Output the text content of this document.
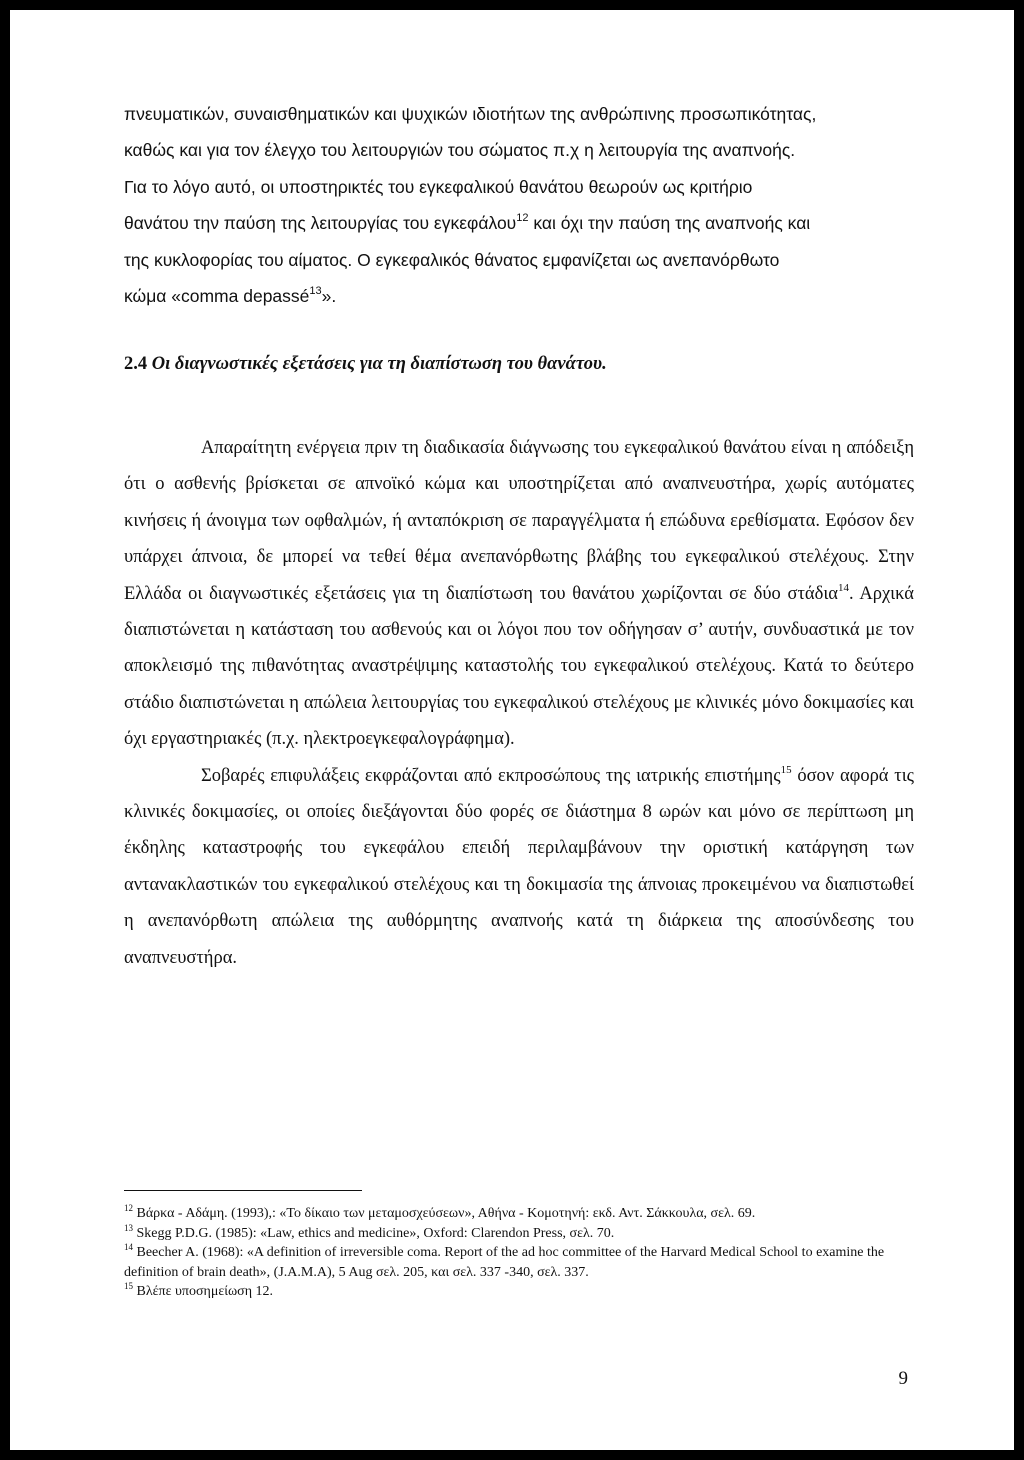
πνευματικών, συναισθηματικών και ψυχικών ιδιοτήτων της ανθρώπινης προσωπικότητας,

καθώς και για τον έλεγχο του λειτουργιών του σώματος π.χ η λειτουργία της αναπνοής.

Για το λόγο αυτό, οι υποστηρικτές του εγκεφαλικού θανάτου θεωρούν ως κριτήριο

θανάτου την παύση της λειτουργίας του εγκεφάλου$^{12}$ και όχι την παύση της αναπνοής και

της κυκλοφορίας του αίματος. Ο εγκεφαλικός θάνατος εμφανίζεται ως ανεπανόρθωτο

κώμα «comma depassé$^{13}$».

2.4 Οι διαγνωστικές εξετάσεις για τη διαπίστωση του θανάτου.

Απαραίτητη ενέργεια πριν τη διαδικασία διάγνωσης του εγκεφαλικού θανάτου είναι η απόδειξη ότι ο ασθενής βρίσκεται σε απνοϊκό κώμα και υποστηρίζεται από αναπνευστήρα, χωρίς αυτόματες κινήσεις ή άνοιγμα των οφθαλμών, ή ανταπόκριση σε παραγγέλματα ή επώδυνα ερεθίσματα. Εφόσον δεν υπάρχει άπνοια, δε μπορεί να τεθεί θέμα ανεπανόρθωτης βλάβης του εγκεφαλικού στελέχους. Στην Ελλάδα οι διαγνωστικές εξετάσεις για τη διαπίστωση του θανάτου χωρίζονται σε δύο στάδια$^{14}$. Αρχικά διαπιστώνεται η κατάσταση του ασθενούς και οι λόγοι που τον οδήγησαν σ’ αυτήν, συνδυαστικά με τον αποκλεισμό της πιθανότητας αναστρέψιμης καταστολής του εγκεφαλικού στελέχους. Κατά το δεύτερο στάδιο διαπιστώνεται η απώλεια λειτουργίας του εγκεφαλικού στελέχους με κλινικές μόνο δοκιμασίες και όχι εργαστηριακές (π.χ. ηλεκτροεγκεφαλογράφημα).

Σοβαρές επιφυλάξεις εκφράζονται από εκπροσώπους της ιατρικής επιστήμης$^{15}$ όσον αφορά τις κλινικές δοκιμασίες, οι οποίες διεξάγονται δύο φορές σε διάστημα 8 ωρών και μόνο σε περίπτωση μη έκδηλης καταστροφής του εγκεφάλου επειδή περιλαμβάνουν την οριστική κατάργηση των αντανακλαστικών του εγκεφαλικού στελέχους και τη δοκιμασία της άπνοιας προκειμένου να διαπιστωθεί η ανεπανόρθωτη απώλεια της αυθόρμητης αναπνοής κατά τη διάρκεια της αποσύνδεσης του αναπνευστήρα.

$^{12}$ Βάρκα - Αδάμη. (1993),: «Το δίκαιο των μεταμοσχεύσεων», Αθήνα - Κομοτηνή: εκδ. Αντ. Σάκκουλα, σελ. 69.

$^{13}$ Skegg P.D.G. (1985): «Law, ethics and medicine», Oxford: Clarendon Press, σελ. 70.

$^{14}$ Beecher A. (1968): «A definition of irreversible coma. Report of the ad hoc committee of the Harvard Medical School to examine the definition of brain death», (J.A.M.A), 5 Aug σελ. 205, και σελ. 337 -340, σελ. 337.

$^{15}$ Βλέπε υποσημείωση 12.

9
